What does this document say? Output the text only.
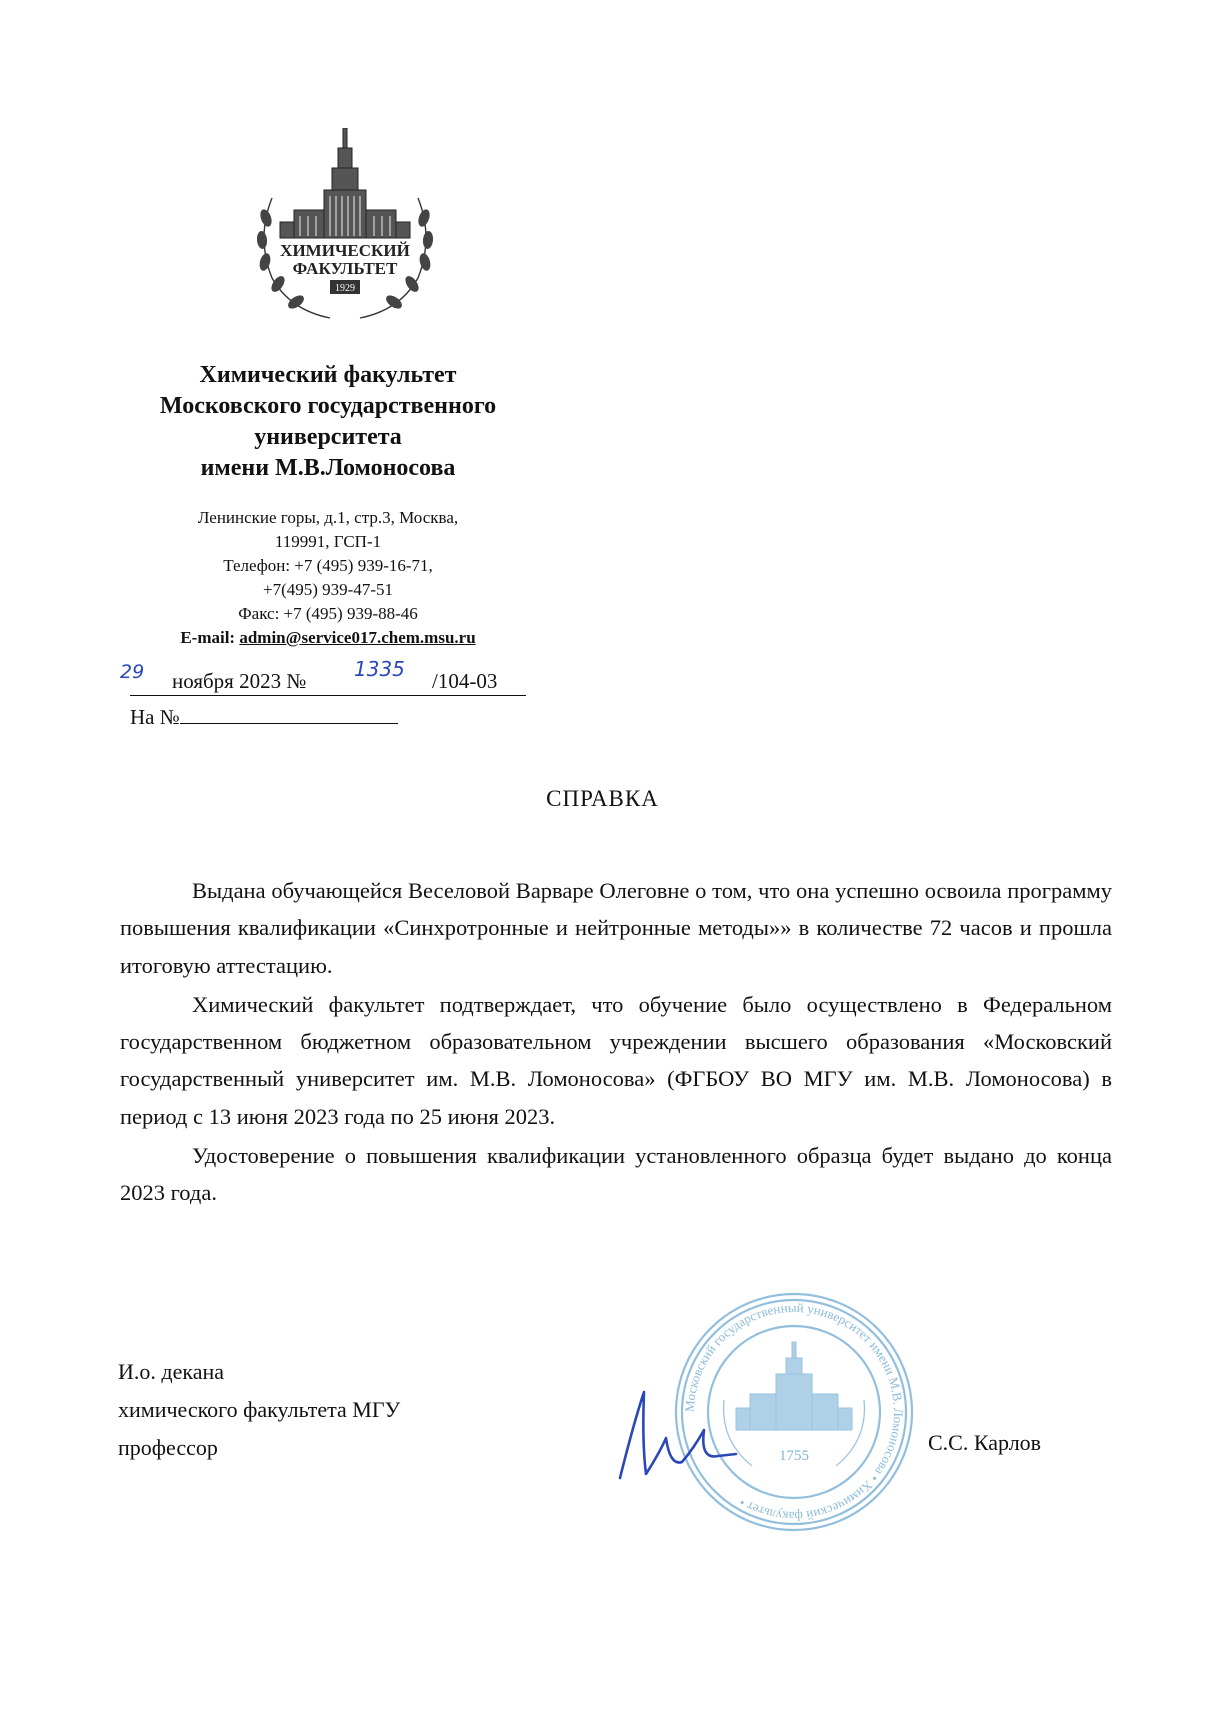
ХИМИЧЕСКИЙ
ФАКУЛЬТЕТ
1929
Химический факультет
Московского государственного
университета
имени М.В.Ломоносова
Ленинские горы, д.1, стр.3, Москва,
119991, ГСП-1
Телефон: +7 (495) 939-16-71,
+7(495) 939-47-51
Факс: +7 (495) 939-88-46
E-mail: admin@service017.chem.msu.ru
29 ноября 2023 № 1335 /104-03
На №
СПРАВКА

Выдана обучающейся Веселовой Варваре Олеговне о том, что она успешно освоила программу повышения квалификации «Синхротронные и нейтронные методы»» в количестве 72 часов и прошла итоговую аттестацию.

Химический факультет подтверждает, что обучение было осуществлено в Федеральном государственном бюджетном образовательном учреждении высшего образования «Московский государственный университет им. М.В. Ломоносова» (ФГБОУ ВО МГУ им. М.В. Ломоносова) в период с 13 июня 2023 года по 25 июня 2023.

Удостоверение о повышения квалификации установленного образца будет выдано до конца 2023 года.

И.о. декана
химического факультета МГУ
профессор
Московский государственный университет имени М.В. Ломоносова • Химический факультет •
1755
С.С. Карлов
